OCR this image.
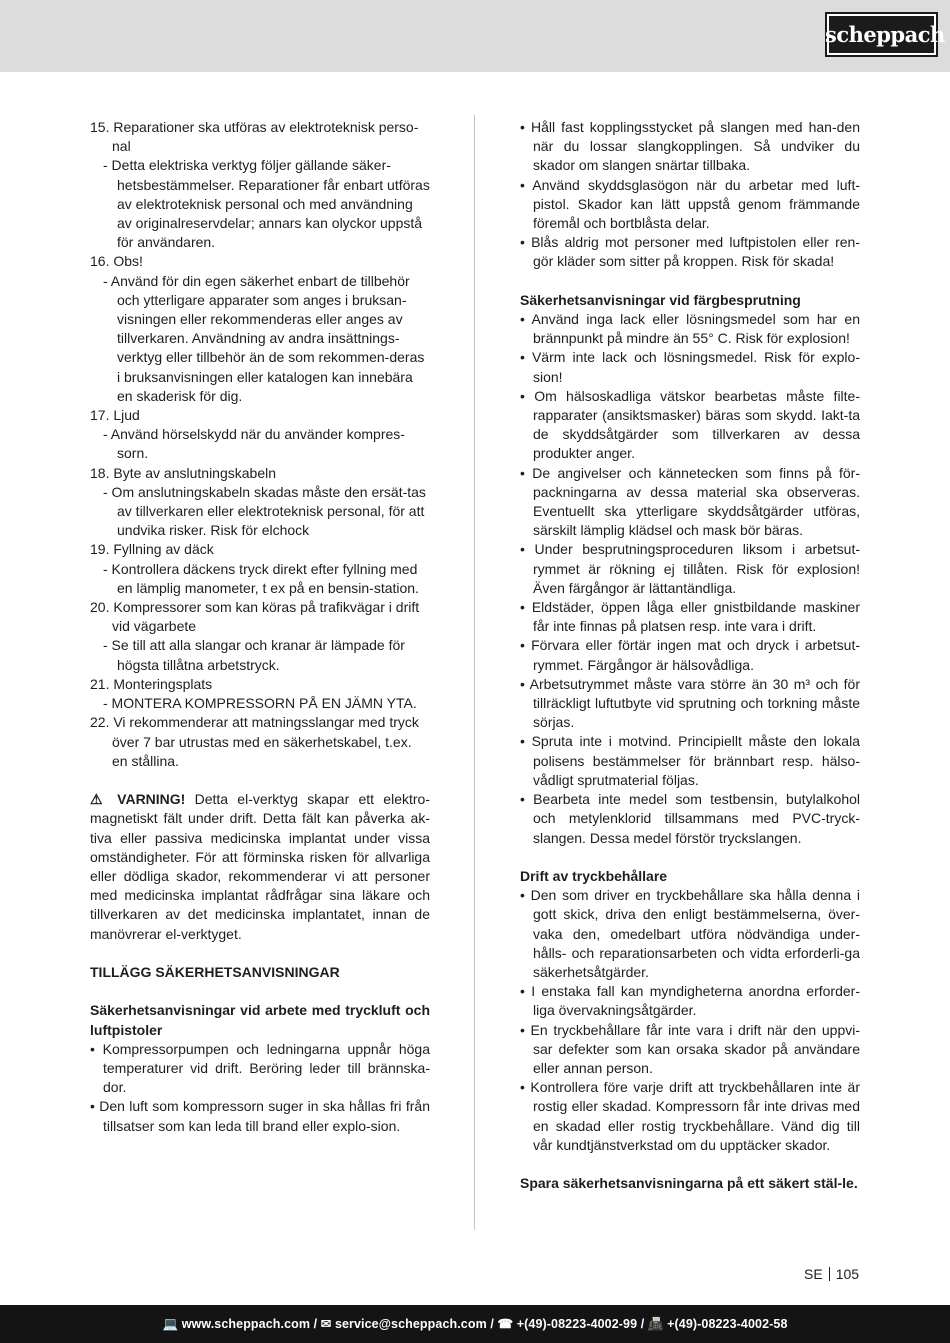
scheppach
15. Reparationer ska utföras av elektroteknisk perso-nal
- Detta elektriska verktyg följer gällande säker-hetsbestämmelser. Reparationer får enbart utföras av elektroteknisk personal och med användning av originalreservdelar; annars kan olyckor uppstå för användaren.
16. Obs!
- Använd för din egen säkerhet enbart de tillbehör och ytterligare apparater som anges i bruksan-visningen eller rekommenderas eller anges av tillverkaren. Användning av andra insättnings-verktyg eller tillbehör än de som rekommen-deras i bruksanvisningen eller katalogen kan innebära en skaderisk för dig.
17. Ljud
- Använd hörselskydd när du använder kompres-sorn.
18. Byte av anslutningskabeln
- Om anslutningskabeln skadas måste den ersät-tas av tillverkaren eller elektroteknisk personal, för att undvika risker. Risk för elchock
19. Fyllning av däck
- Kontrollera däckens tryck direkt efter fyllning med en lämplig manometer, t ex på en bensin-station.
20. Kompressorer som kan köras på trafikvägar i drift vid vägarbete
- Se till att alla slangar och kranar är lämpade för högsta tillåtna arbetstryck.
21. Monteringsplats
- MONTERA KOMPRESSORN PÅ EN JÄMN YTA.
22. Vi rekommenderar att matningsslangar med tryck över 7 bar utrustas med en säkerhetskabel, t.ex. en stållina.
⚠ VARNING! Detta el-verktyg skapar ett elektro-magnetiskt fält under drift. Detta fält kan påverka ak-tiva eller passiva medicinska implantat under vissa omständigheter. För att förminska risken för allvarliga eller dödliga skador, rekommenderar vi att personer med medicinska implantat rådfrågar sina läkare och tillverkaren av det medicinska implantatet, innan de manövrerar el-verktyget.
TILLÄGG SÄKERHETSANVISNINGAR
Säkerhetsanvisningar vid arbete med tryckluft och luftpistoler
• Kompressorpumpen och ledningarna uppnår höga temperaturer vid drift. Beröring leder till brännska-dor.
• Den luft som kompressorn suger in ska hållas fri från tillsatser som kan leda till brand eller explo-sion.
• Håll fast kopplingsstycket på slangen med han-den när du lossar slangkopplingen. Så undviker du skador om slangen snärtar tillbaka.
• Använd skyddsglasögon när du arbetar med luft-pistol. Skador kan lätt uppstå genom främmande föremål och bortblåsta delar.
• Blås aldrig mot personer med luftpistolen eller ren-gör kläder som sitter på kroppen. Risk för skada!
Säkerhetsanvisningar vid färgbesprutning
• Använd inga lack eller lösningsmedel som har en brännpunkt på mindre än 55° C. Risk för explosion!
• Värm inte lack och lösningsmedel. Risk för explo-sion!
• Om hälsoskadliga vätskor bearbetas måste filte-rapparater (ansiktsmasker) bäras som skydd. Iakt-ta de skyddsåtgärder som tillverkaren av dessa produkter anger.
• De angivelser och kännetecken som finns på för-packningarna av dessa material ska observeras. Eventuellt ska ytterligare skyddsåtgärder utföras, särskilt lämplig klädsel och mask bör bäras.
• Under besprutningsproceduren liksom i arbetsut-rymmet är rökning ej tillåten. Risk för explosion! Även färgångor är lättantändliga.
• Eldstäder, öppen låga eller gnistbildande maskiner får inte finnas på platsen resp. inte vara i drift.
• Förvara eller förtär ingen mat och dryck i arbetsut-rymmet. Färgångor är hälsovådliga.
• Arbetsutrymmet måste vara större än 30 m³ och för tillräckligt luftutbyte vid sprutning och torkning måste sörjas.
• Spruta inte i motvind. Principiellt måste den lokala polisens bestämmelser för brännbart resp. hälso-vådligt sprutmaterial följas.
• Bearbeta inte medel som testbensin, butylalkohol och metylenklorid tillsammans med PVC-tryck-slangen. Dessa medel förstör tryckslangen.
Drift av tryckbehållare
• Den som driver en tryckbehållare ska hålla denna i gott skick, driva den enligt bestämmelserna, över-vaka den, omedelbart utföra nödvändiga under-hålls- och reparationsarbeten och vidta erforderli-ga säkerhetsåtgärder.
• I enstaka fall kan myndigheterna anordna erforder-liga övervakningsåtgärder.
• En tryckbehållare får inte vara i drift när den uppvi-sar defekter som kan orsaka skador på användare eller annan person.
• Kontrollera före varje drift att tryckbehållaren inte är rostig eller skadad. Kompressorn får inte drivas med en skadad eller rostig tryckbehållare. Vänd dig till vår kundtjänstverkstad om du upptäcker skador.
Spara säkerhetsanvisningarna på ett säkert stäl-le.
SE 105
💻 www.scheppach.com / ✉ service@scheppach.com / ☎ +(49)-08223-4002-99 / 📠 +(49)-08223-4002-58
